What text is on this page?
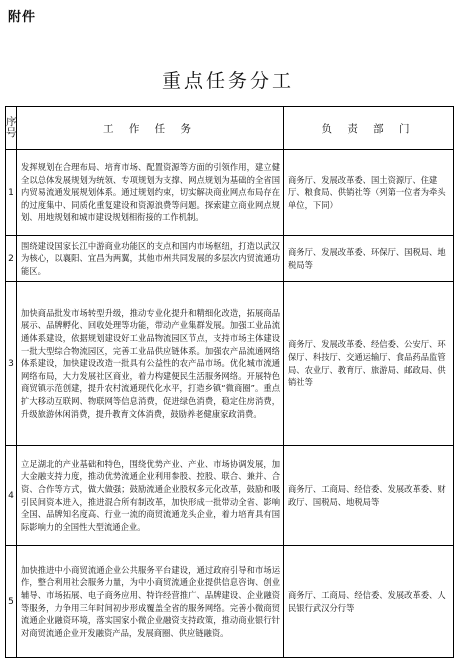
附件
重点任务分工
序号	工 作 任 务	负 责 部 门
1	发挥规划在合理布局、培育市场、配置资源等方面的引领作用，建立健全以总体发展规划为统领、专项规划为支撑、网点规划为基础的全省国内贸易流通发展规划体系。通过规划约束，切实解决商业网点布局存在的过度集中、同质化重复建设和资源浪费等问题。探索建立商业网点规划、用地规划和城市建设规划相衔接的工作机制。	商务厅、发展改革委、国土资源厅、住建厅、粮食局、供销社等（列第一位者为牵头单位，下同）
2	围绕建设国家长江中游商业功能区的支点和国内市场枢纽，打造以武汉为核心，以襄阳、宜昌为两翼，其他市州共同发展的多层次内贸流通功能区。	商务厅、发展改革委、环保厅、国税局、地税局等
3	加快商品批发市场转型升级，推动专业化提升和精细化改造，拓展商品展示、品牌孵化、回收处理等功能，带动产业集群发展。加强工业品流通体系建设，依据规划建设好工业品物流园区节点，支持市场主体建设一批大型综合物流园区，完善工业品供应链体系。加强农产品流通网络体系建设，加快建设改造一批具有公益性的农产品市场。优化城市流通网络布局，大力发展社区商业，着力构建便民生活服务网络。开展特色商贸镇示范创建，提升农村流通现代化水平，打造乡镇“微商圈”。重点扩大移动互联网、物联网等信息消费，促进绿色消费，稳定住房消费，升级旅游休闲消费，提升教育文体消费，鼓励养老健康家政消费。	商务厅、发展改革委、经信委、公安厅、环保厅、科技厅、交通运输厅、食品药品监管局、农业厅、教育厅、旅游局、邮政局、供销社等
4	立足湖北的产业基础和特色，围绕优势产业、产业、市场协调发展，加大金融支持力度，推动优势流通企业利用参股、控股、联合、兼并、合资、合作等方式，做大做强；鼓励流通企业股权多元化改革，鼓励和吸引民间资本进入，推进混合所有制改革，加快形成一批带动全省、影响全国、品牌知名度高、行业一流的商贸流通龙头企业，着力培育具有国际影响力的全国性大型流通企业。	商务厅、工商局、经信委、发展改革委、财政厅、国税局、地税局等
5	加快推进中小商贸流通企业公共服务平台建设，通过政府引导和市场运作，整合利用社会服务力量，为中小商贸流通企业提供信息咨询、创业辅导、市场拓展、电子商务应用、特许经营推广、品牌建设、企业融资等服务，力争用三年时间初步形成覆盖全省的服务网络。完善小微商贸流通企业融资环境，落实国家小微企业融资支持政策，推动商业银行针对商贸流通企业开发融资产品，发展商圈、供应链融资。	商务厅、工商局、经信委、发展改革委、人民银行武汉分行等
